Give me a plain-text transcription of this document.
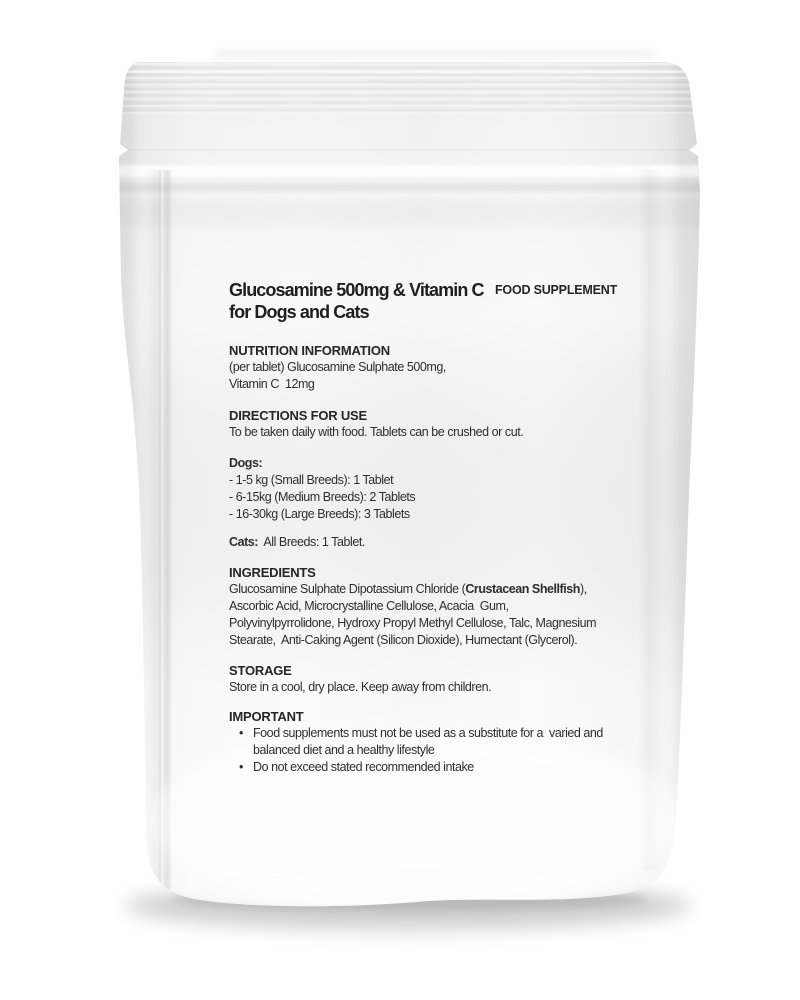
Glucosamine 500mg & Vitamin C
for Dogs and Cats
FOOD SUPPLEMENT
NUTRITION INFORMATION
(per tablet) Glucosamine Sulphate 500mg,
Vitamin C  12mg
DIRECTIONS FOR USE
To be taken daily with food. Tablets can be crushed or cut.
Dogs:
- 1-5 kg (Small Breeds): 1 Tablet
- 6-15kg (Medium Breeds): 2 Tablets
- 16-30kg (Large Breeds): 3 Tablets
Cats:  All Breeds: 1 Tablet.
INGREDIENTS
Glucosamine Sulphate Dipotassium Chloride (Crustacean Shellfish),
Ascorbic Acid, Microcrystalline Cellulose, Acacia  Gum,
Polyvinylpyrrolidone, Hydroxy Propyl Methyl Cellulose, Talc, Magnesium
Stearate,  Anti-Caking Agent (Silicon Dioxide), Humectant (Glycerol).
STORAGE
Store in a cool, dry place. Keep away from children.
IMPORTANT
• Food supplements must not be used as a substitute for a  varied and
balanced diet and a healthy lifestyle
• Do not exceed stated recommended intake
